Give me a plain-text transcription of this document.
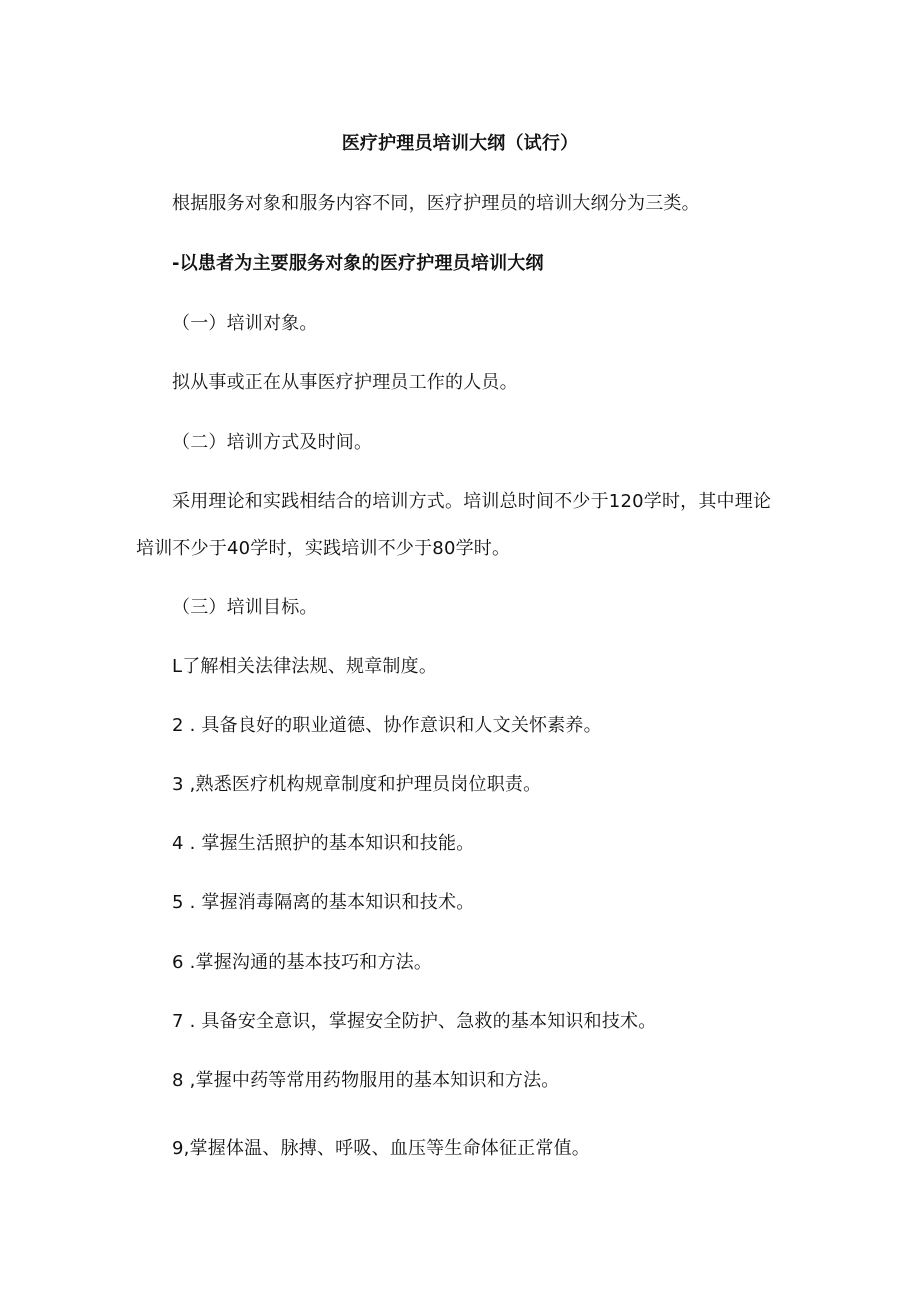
医疗护理员培训大纲（试行）
根据服务对象和服务内容不同，医疗护理员的培训大纲分为三类。
-以患者为主要服务对象的医疗护理员培训大纲
（一）培训对象。
拟从事或正在从事医疗护理员工作的人员。
（二）培训方式及时间。
采用理论和实践相结合的培训方式。培训总时间不少于120学时，其中理论
培训不少于40学时，实践培训不少于80学时。
（三）培训目标。
L了解相关法律法规、规章制度。
2 . 具备良好的职业道德、协作意识和人文关怀素养。
3 ,熟悉医疗机构规章制度和护理员岗位职责。
4 . 掌握生活照护的基本知识和技能。
5 . 掌握消毒隔离的基本知识和技术。
6 .掌握沟通的基本技巧和方法。
7 . 具备安全意识，掌握安全防护、急救的基本知识和技术。
8 ,掌握中药等常用药物服用的基本知识和方法。
9,掌握体温、脉搏、呼吸、血压等生命体征正常值。
